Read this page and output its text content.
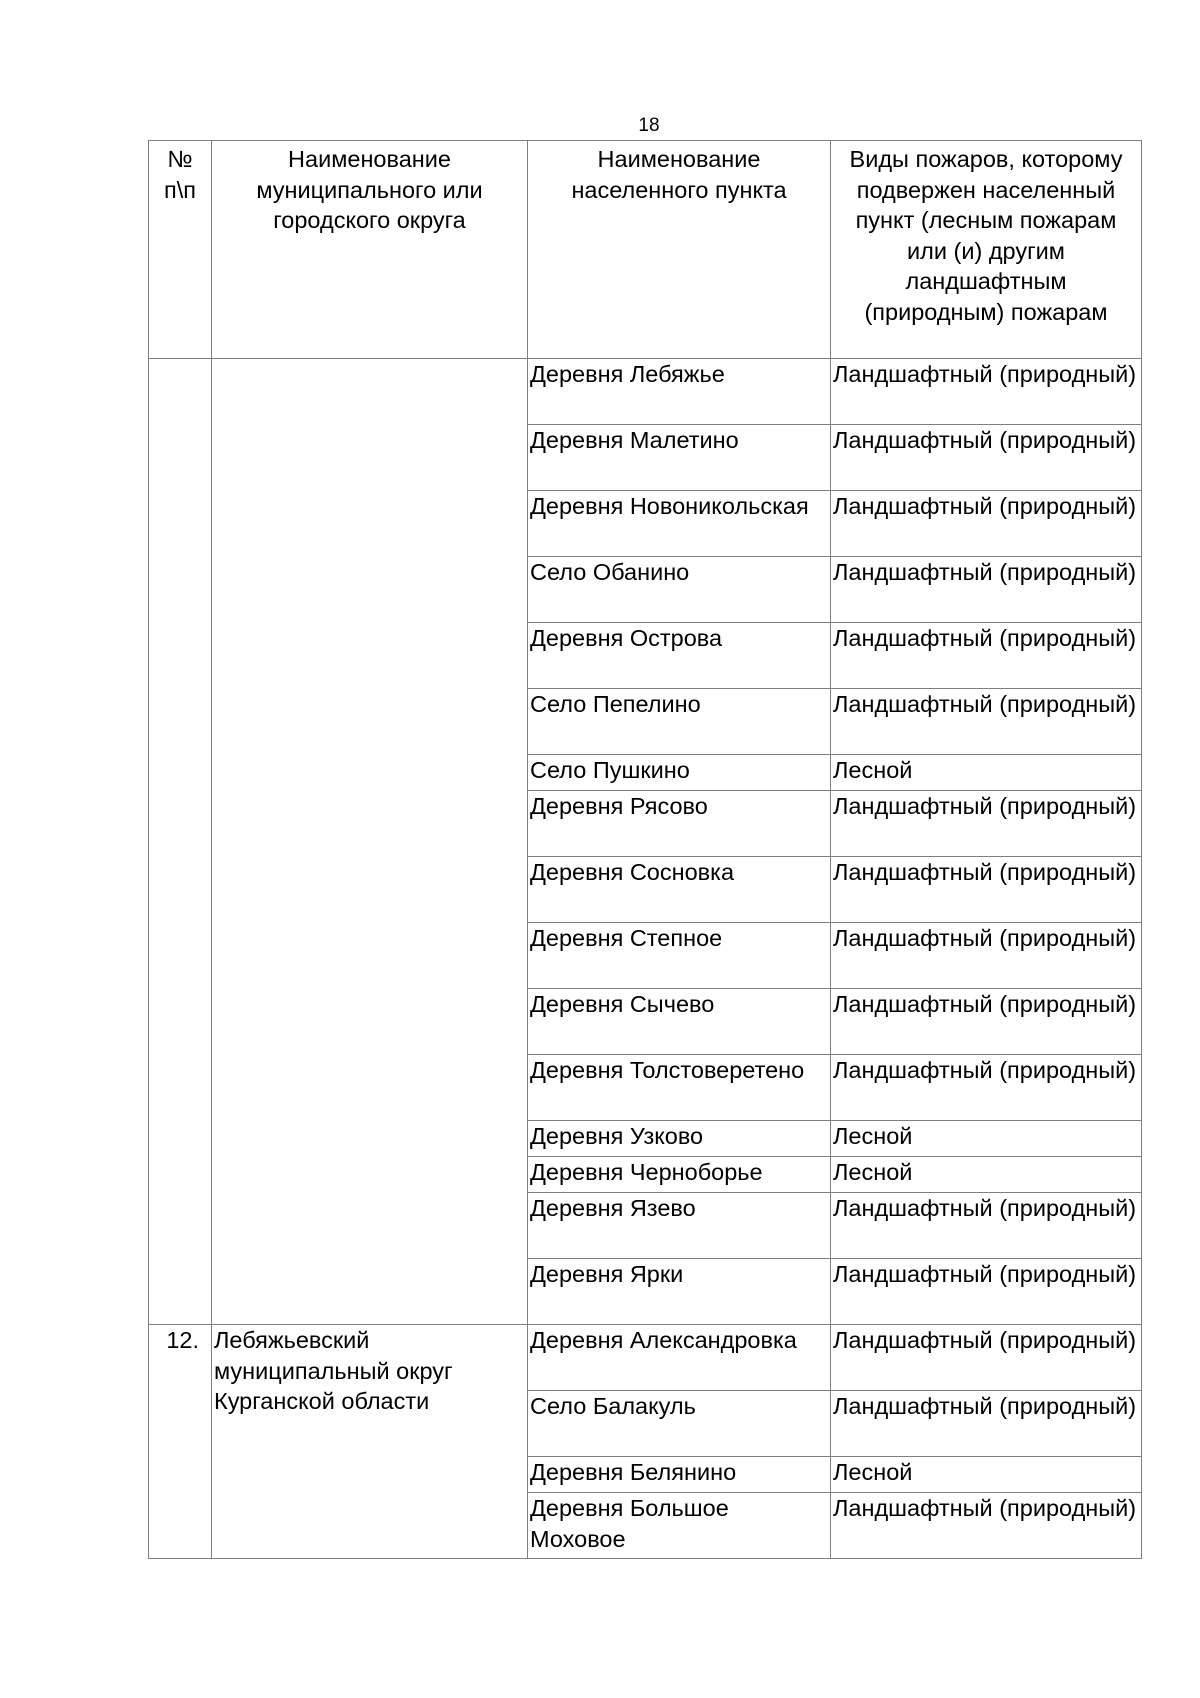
18
№ п\п	Наименование муниципального или городского округа	Наименование населенного пункта	Виды пожаров, которому подвержен населенный пункт (лесным пожарам или (и) другим ландшафтным (природным) пожарам
		Деревня Лебяжье	Ландшафтный (природный)
		Деревня Малетино	Ландшафтный (природный)
		Деревня Новоникольская	Ландшафтный (природный)
		Село Обанино	Ландшафтный (природный)
		Деревня Острова	Ландшафтный (природный)
		Село Пепелино	Ландшафтный (природный)
		Село Пушкино	Лесной
		Деревня Рясово	Ландшафтный (природный)
		Деревня Сосновка	Ландшафтный (природный)
		Деревня Степное	Ландшафтный (природный)
		Деревня Сычево	Ландшафтный (природный)
		Деревня Толстоверетено	Ландшафтный (природный)
		Деревня Узково	Лесной
		Деревня Черноборье	Лесной
		Деревня Язево	Ландшафтный (природный)
		Деревня Ярки	Ландшафтный (природный)
12.	Лебяжьевский муниципальный округ Курганской области	Деревня Александровка	Ландшафтный (природный)
		Село Балакуль	Ландшафтный (природный)
		Деревня Белянино	Лесной
		Деревня Большое Моховое	Ландшафтный (природный)
